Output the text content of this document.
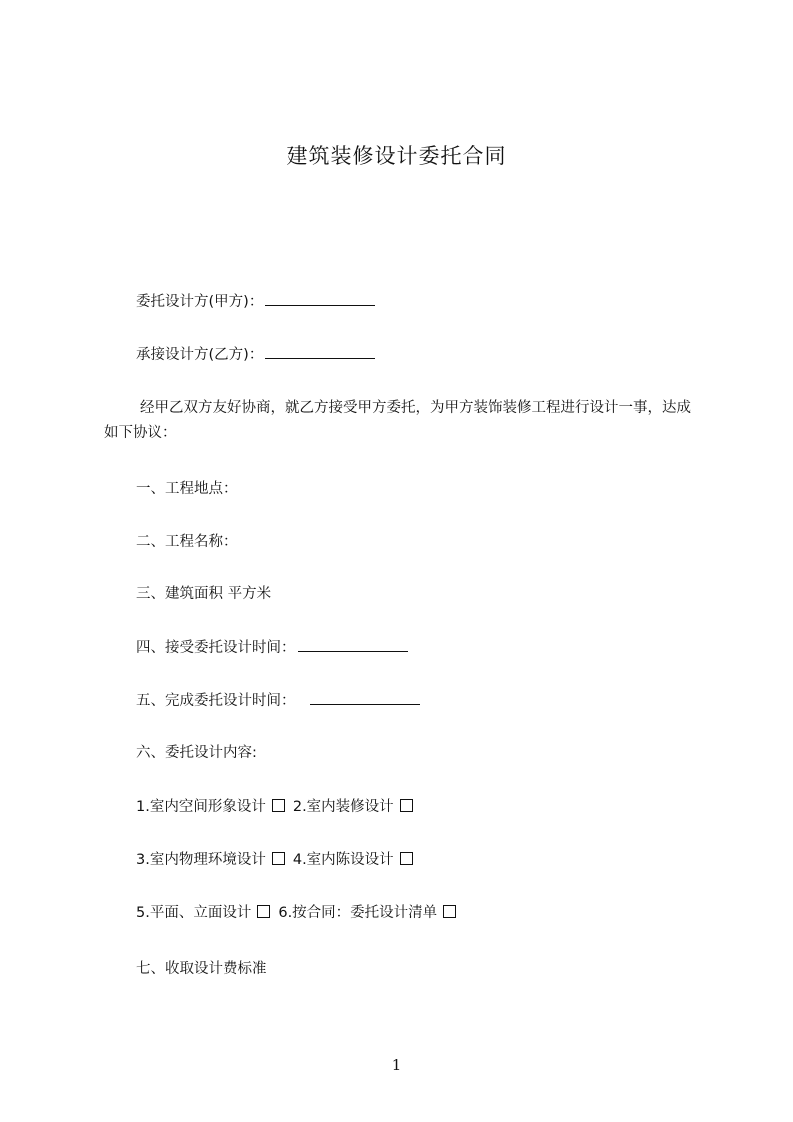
建筑装修设计委托合同
委托设计方(甲方)：
承接设计方(乙方)：

经甲乙双方友好协商，就乙方接受甲方委托，为甲方装饰装修工程进行设计一事，达成如下协议：

一、工程地点：
二、工程名称：
三、建筑面积 平方米
四、接受委托设计时间：
五、完成委托设计时间：
六、委托设计内容:
1.室内空间形象设计 2.室内装修设计
3.室内物理环境设计 4.室内陈设设计
5.平面、立面设计 6.按合同：委托设计清单
七、收取设计费标准
1
